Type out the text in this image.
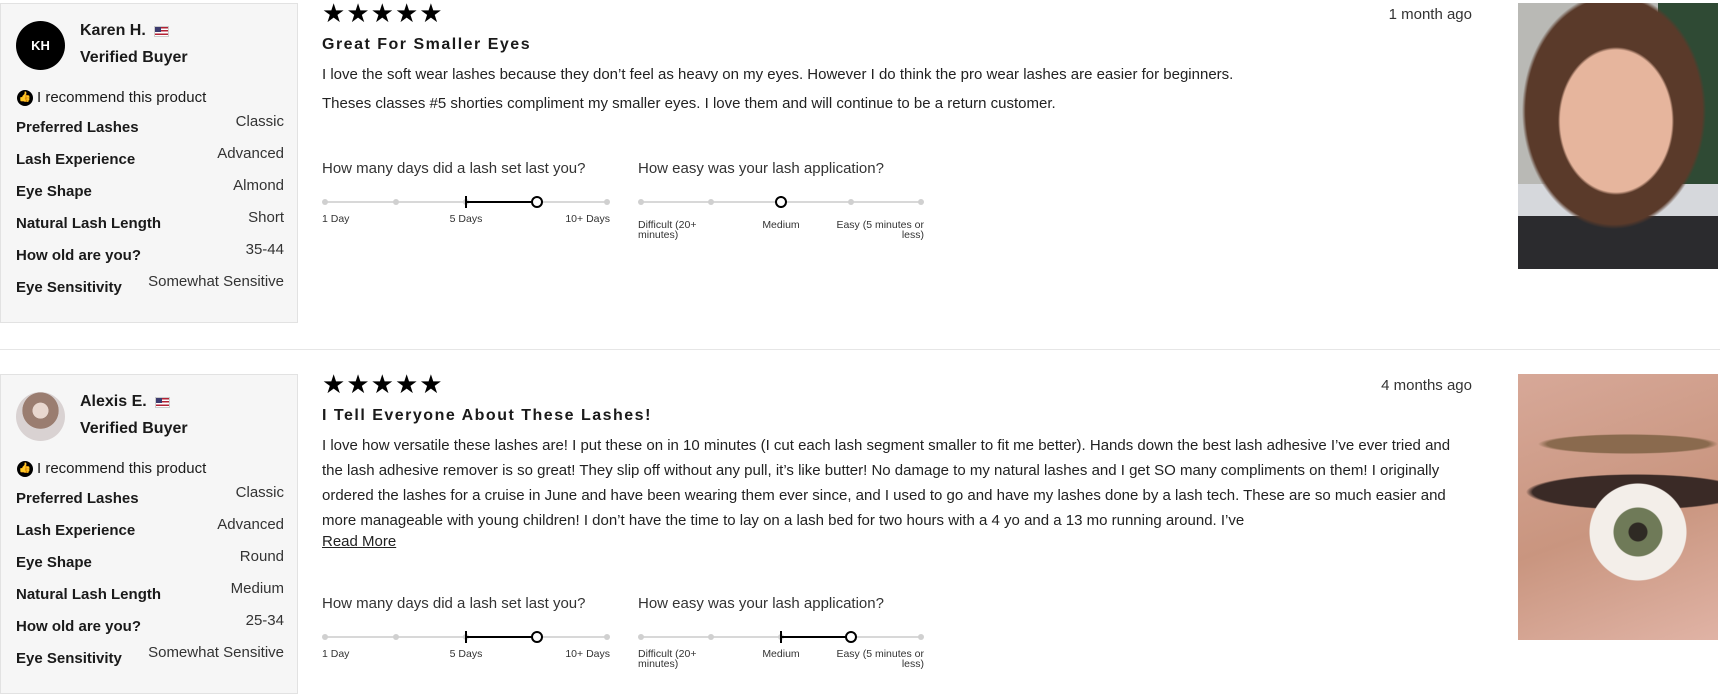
KH
Karen H.
Verified Buyer
👍 I recommend this product
Preferred Lashes	Classic
Lash Experience	Advanced
Eye Shape	Almond
Natural Lash Length	Short
How old are you?	35-44
Eye Sensitivity Somewhat Sensitive
★ ★ ★ ★ ★	1 month ago
Great For Smaller Eyes

I love the soft wear lashes because they don’t feel as heavy on my eyes. However I do think the pro wear lashes are easier for beginners.

Theses classes #5 shorties compliment my smaller eyes. I love them and will continue to be a return customer.

How many days did a lash set last you?
1 Day	5 Days	10+ Days
How easy was your lash application?
Difficult (20+ minutes)
Medium	Easy (5 minutes or less)
Alexis E.
Verified Buyer
👍 I recommend this product
Preferred Lashes	Classic
Lash Experience	Advanced
Eye Shape	Round
Natural Lash Length	Medium
How old are you?	25-34
Eye Sensitivity Somewhat Sensitive
★ ★ ★ ★ ★	4 months ago
I Tell Everyone About These Lashes!

I love how versatile these lashes are! I put these on in 10 minutes (I cut each lash segment smaller to fit me better). Hands down the best lash adhesive I’ve ever tried and the lash adhesive remover is so great! They slip off without any pull, it’s like butter! No damage to my natural lashes and I get SO many compliments on them! I originally ordered the lashes for a cruise in June and have been wearing them ever since, and I used to go and have my lashes done by a lash tech. These are so much easier and more manageable with young children! I don’t have the time to lay on a lash bed for two hours with a 4 yo and a 13 mo running around. I’ve

Read More
How many days did a lash set last you?
1 Day	5 Days	10+ Days
How easy was your lash application?
Difficult (20+ minutes)
Medium	Easy (5 minutes or less)
